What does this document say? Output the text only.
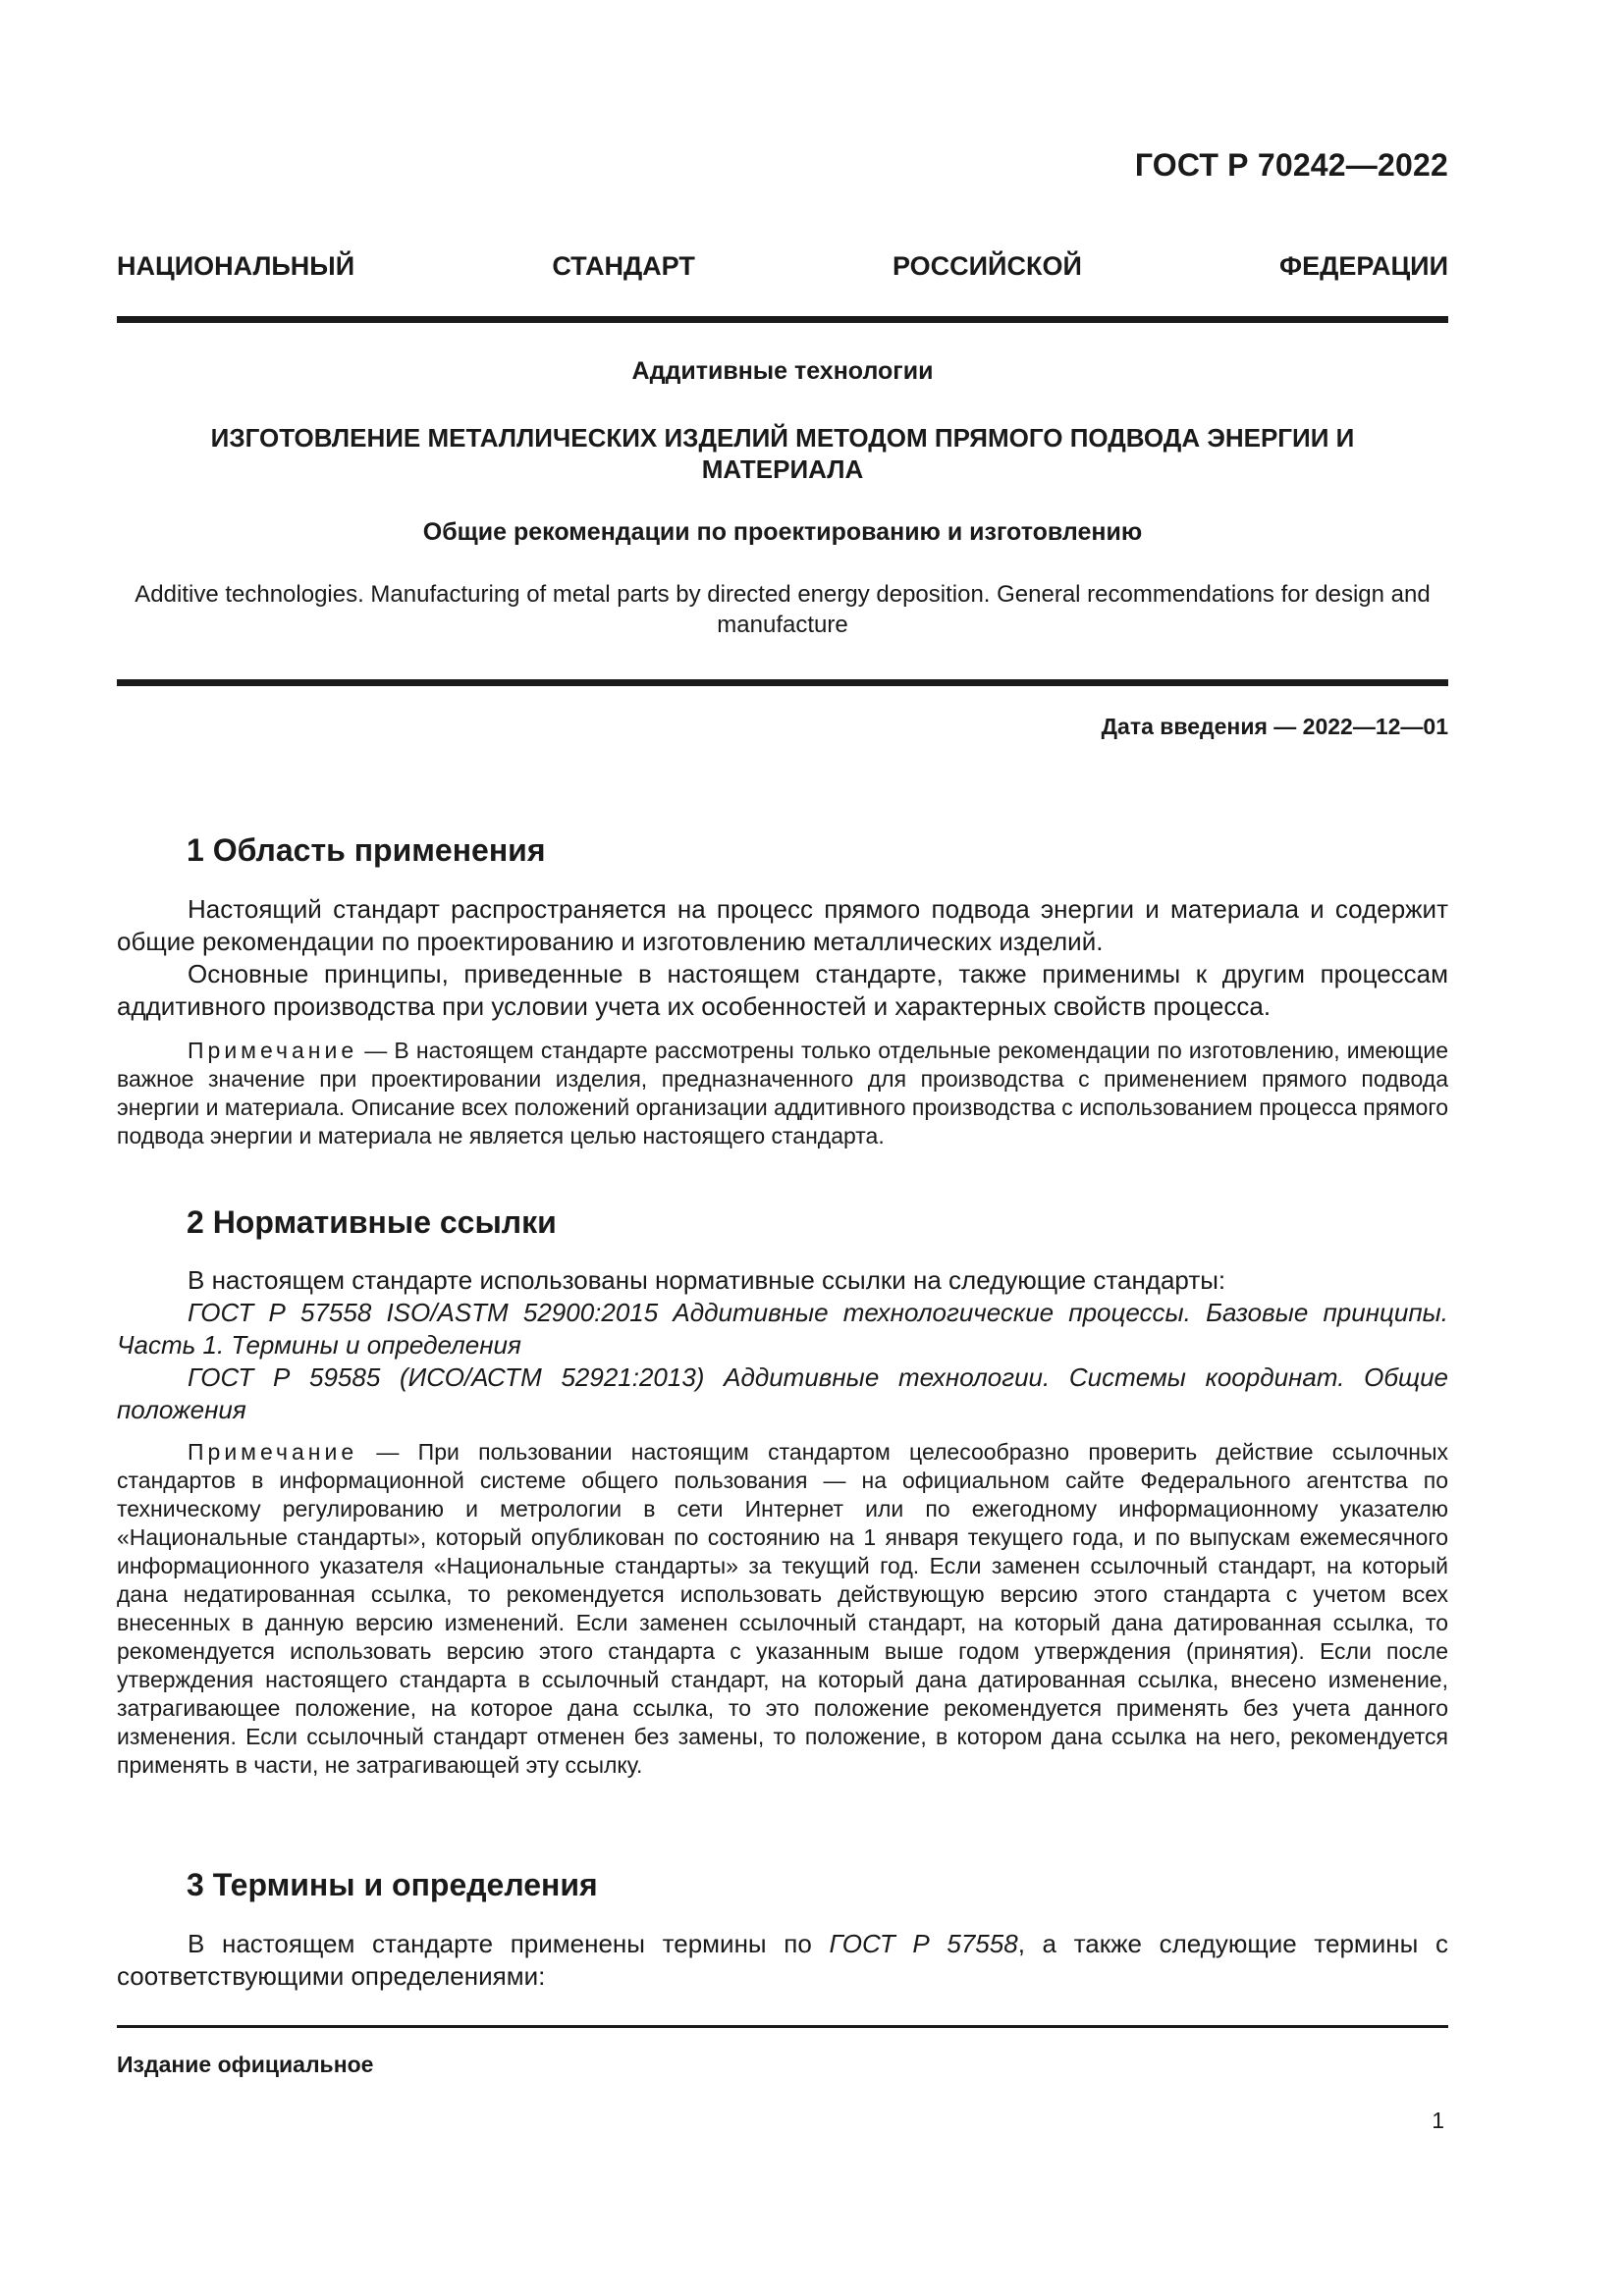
ГОСТ Р 70242—2022
НАЦИОНАЛЬНЫЙ	СТАНДАРТ	РОССИЙСКОЙ	ФЕДЕРАЦИИ
Аддитивные технологии
ИЗГОТОВЛЕНИЕ МЕТАЛЛИЧЕСКИХ ИЗДЕЛИЙ МЕТОДОМ ПРЯМОГО ПОДВОДА ЭНЕРГИИ И МАТЕРИАЛА
Общие рекомендации по проектированию и изготовлению
Additive technologies. Manufacturing of metal parts by directed energy deposition. General recommendations for design and manufacture
Дата введения — 2022—12—01
1 Область применения

Настоящий стандарт распространяется на процесс прямого подвода энергии и материала и содержит общие рекомендации по проектированию и изготовлению металлических изделий.

Основные принципы, приведенные в настоящем стандарте, также применимы к другим процессам аддитивного производства при условии учета их особенностей и характерных свойств процесса.

Примечание — В настоящем стандарте рассмотрены только отдельные рекомендации по изготовлению, имеющие важное значение при проектировании изделия, предназначенного для производства с применением прямого подвода энергии и материала. Описание всех положений организации аддитивного производства с использованием процесса прямого подвода энергии и материала не является целью настоящего стандарта.

2 Нормативные ссылки

В настоящем стандарте использованы нормативные ссылки на следующие стандарты:

ГОСТ Р 57558 ISO/ASTM 52900:2015 Аддитивные технологические процессы. Базовые принципы. Часть 1. Термины и определения

ГОСТ Р 59585 (ИСО/АСТМ 52921:2013) Аддитивные технологии. Системы координат. Общие положения

Примечание — При пользовании настоящим стандартом целесообразно проверить действие ссылочных стандартов в информационной системе общего пользования — на официальном сайте Федерального агентства по техническому регулированию и метрологии в сети Интернет или по ежегодному информационному указателю «Национальные стандарты», который опубликован по состоянию на 1 января текущего года, и по выпускам ежемесячного информационного указателя «Национальные стандарты» за текущий год. Если заменен ссылочный стандарт, на который дана недатированная ссылка, то рекомендуется использовать действующую версию этого стандарта с учетом всех внесенных в данную версию изменений. Если заменен ссылочный стандарт, на который дана датированная ссылка, то рекомендуется использовать версию этого стандарта с указанным выше годом утверждения (принятия). Если после утверждения настоящего стандарта в ссылочный стандарт, на который дана датированная ссылка, внесено изменение, затрагивающее положение, на которое дана ссылка, то это положение рекомендуется применять без учета данного изменения. Если ссылочный стандарт отменен без замены, то положение, в котором дана ссылка на него, рекомендуется применять в части, не затрагивающей эту ссылку.

3 Термины и определения

В настоящем стандарте применены термины по ГОСТ Р 57558, а также следующие термины с соответствующими определениями:

Издание официальное
1
